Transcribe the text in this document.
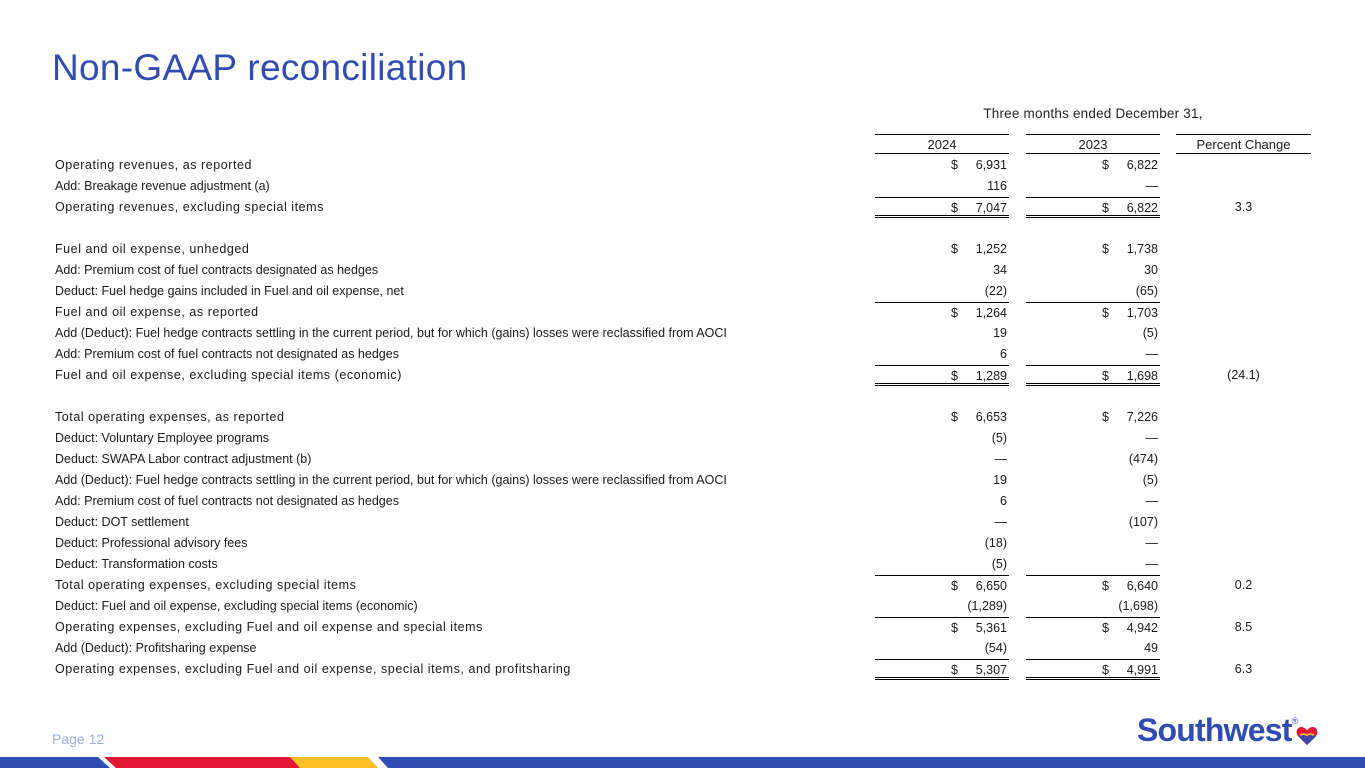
Non-GAAP reconciliation
Three months ended December 31,
2024	2023	Percent Change
Operating revenues, as reported	$ 6,931	$ 6,822
Add: Breakage revenue adjustment (a)	116	—
Operating revenues, excluding special items	$ 7,047	$ 6,822	3.3
Fuel and oil expense, unhedged	$ 1,252	$ 1,738
Add: Premium cost of fuel contracts designated as hedges	34	30
Deduct: Fuel hedge gains included in Fuel and oil expense, net	(22)	(65)
Fuel and oil expense, as reported	$ 1,264	$ 1,703
Add (Deduct): Fuel hedge contracts settling in the current period, but for which (gains) losses were reclassified from AOCI	19	(5)
Add: Premium cost of fuel contracts not designated as hedges	6	—
Fuel and oil expense, excluding special items (economic)	$ 1,289	$ 1,698	(24.1)
Total operating expenses, as reported	$ 6,653	$ 7,226
Deduct: Voluntary Employee programs	(5)	—
Deduct: SWAPA Labor contract adjustment (b)	—	(474)
Add (Deduct): Fuel hedge contracts settling in the current period, but for which (gains) losses were reclassified from AOCI	19	(5)
Add: Premium cost of fuel contracts not designated as hedges	6	—
Deduct: DOT settlement	—	(107)
Deduct: Professional advisory fees	(18)	—
Deduct: Transformation costs	(5)	—
Total operating expenses, excluding special items	$ 6,650	$ 6,640	0.2
Deduct: Fuel and oil expense, excluding special items (economic)	(1,289)	(1,698)
Operating expenses, excluding Fuel and oil expense and special items	$ 5,361	$ 4,942	8.5
Add (Deduct): Profitsharing expense	(54)	49
Operating expenses, excluding Fuel and oil expense, special items, and profitsharing	$ 5,307	$ 4,991	6.3
Page 12	Southwest®
